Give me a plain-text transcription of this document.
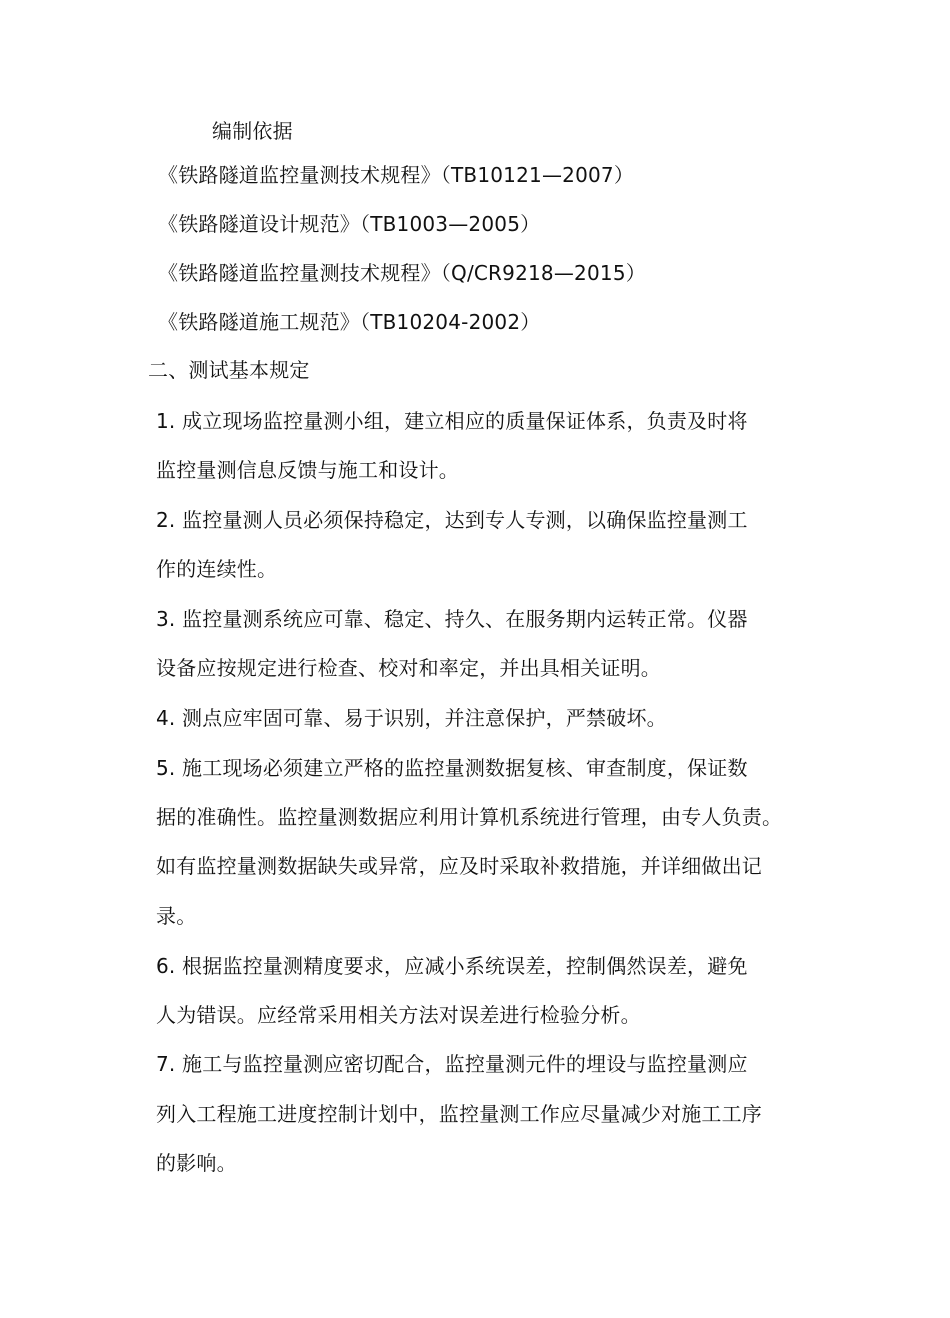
编制依据
《铁路隧道监控量测技术规程》（TB10121—2007）
《铁路隧道设计规范》（TB1003—2005）
《铁路隧道监控量测技术规程》（Q/CR9218—2015）
《铁路隧道施工规范》（TB10204-2002）
二、测试基本规定
1. 成立现场监控量测小组，建立相应的质量保证体系，负责及时将
监控量测信息反馈与施工和设计。
2. 监控量测人员必须保持稳定，达到专人专测，以确保监控量测工
作的连续性。
3. 监控量测系统应可靠、稳定、持久、在服务期内运转正常。仪器
设备应按规定进行检查、校对和率定，并出具相关证明。
4. 测点应牢固可靠、易于识别，并注意保护，严禁破坏。
5. 施工现场必须建立严格的监控量测数据复核、审查制度，保证数
据的准确性。监控量测数据应利用计算机系统进行管理，由专人负责。
如有监控量测数据缺失或异常，应及时采取补救措施，并详细做出记
录。
6. 根据监控量测精度要求，应减小系统误差，控制偶然误差，避免
人为错误。应经常采用相关方法对误差进行检验分析。
7. 施工与监控量测应密切配合，监控量测元件的埋设与监控量测应
列入工程施工进度控制计划中，监控量测工作应尽量减少对施工工序
的影响。
